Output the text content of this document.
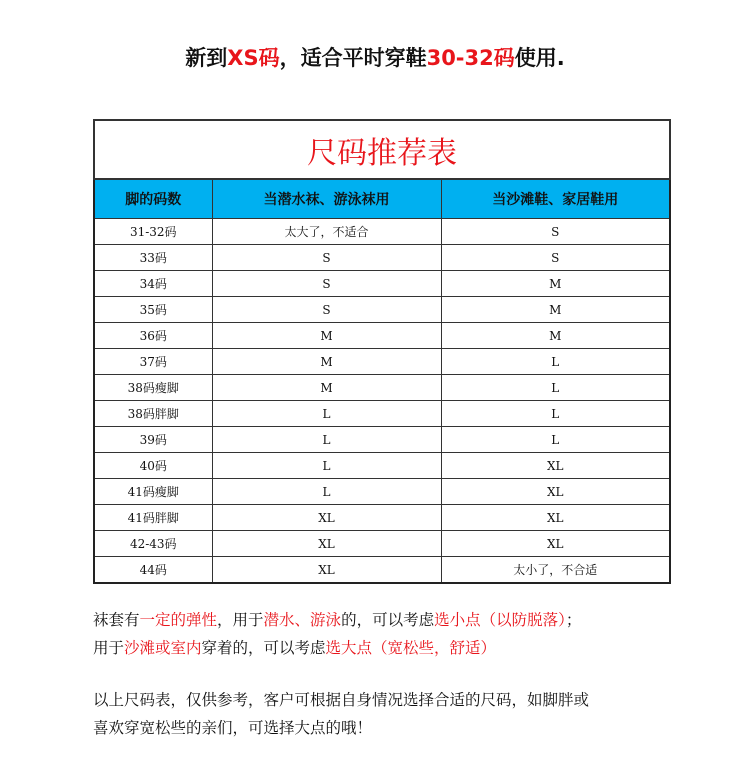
新到XS码，适合平时穿鞋30-32码使用.
尺码推荐表		
脚的码数	当潜水袜、游泳袜用	当沙滩鞋、家居鞋用
31-32码	太大了，不适合	S
33码	S	S
34码	S	M
35码	S	M
36码	M	M
37码	M	L
38码瘦脚	M	L
38码胖脚	L	L
39码	L	L
40码	L	XL
41码瘦脚	L	XL
41码胖脚	XL	XL
42-43码	XL	XL
44码	XL	太小了，不合适

袜套有一定的弹性，用于潜水、游泳的，可以考虑选小点（以防脱落）；

用于沙滩或室内穿着的，可以考虑选大点（宽松些，舒适）

以上尺码表，仅供参考，客户可根据自身情况选择合适的尺码，如脚胖或

喜欢穿宽松些的亲们，可选择大点的哦！
